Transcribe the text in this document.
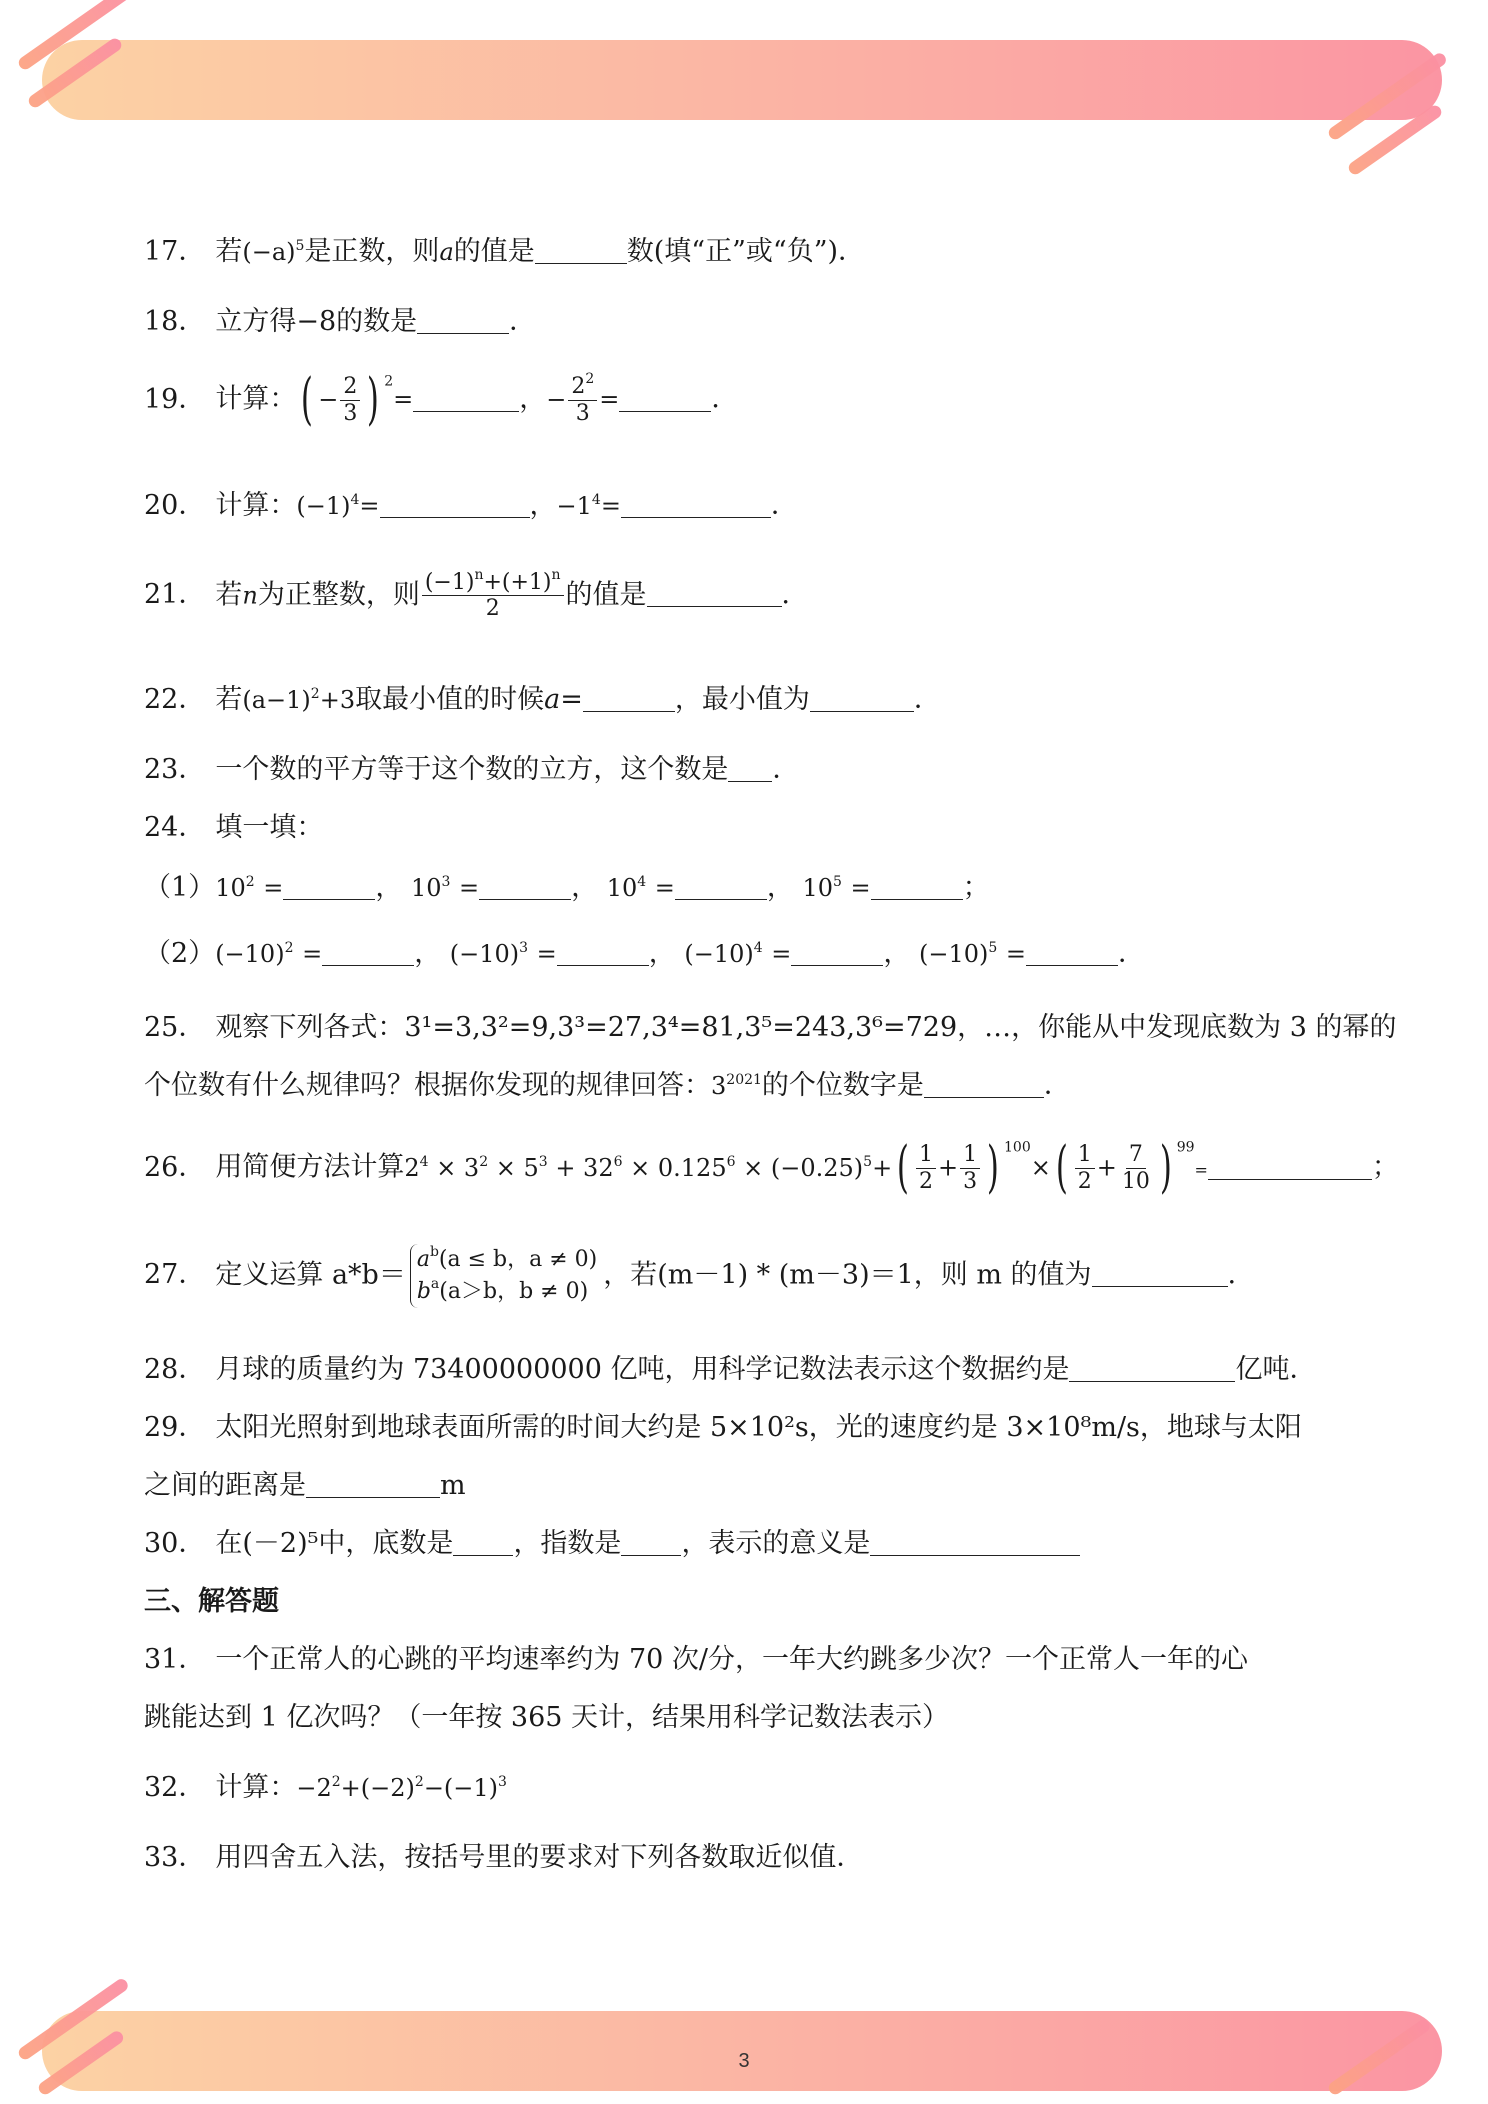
17． 若$(-a)^5$是正数，则a的值是	数(填“正”或“负”)．
18． 立方得−8的数是	．
19． 计算：( − $\frac{2}{3}$ ) $^2$=	，− $\frac{2^2}{3}$ =	．
20． 计算：$(-1)^4=$	，$-1^4=$	．
21． 若n为正整数，则 $\frac{(-1)^n+(+1)^n}{2}$ 的值是	．
22． 若$(a-1)^2+3$取最小值的时候a=	，最小值为	．
23． 一个数的平方等于这个数的立方，这个数是 ．
24． 填一填：
$(1)10^2$ =	， $10^3$ =	， $10^4$ =	， $10^5$ =	；
$(2)(-10)^2$ =	， $(-10)^3$ =	， $(-10)^4$ =	， $(-10)^5$ =	．
25． 观察下列各式：3¹=3,3²=9,3³=27,3⁴=81,3⁵=243,3⁶=729，…，你能从中发现底数为 3 的幂的
个位数有什么规律吗？根据你发现的规律回答：$3^{2021}$的个位数字是	．
26． 用简便方法计算$2^4 \times 3^2 \times 5^3 + 32^6 \times 0.125^6 \times (-0.25)^5+( \frac{1}{2} + \frac{1}{3}$ ) $^{100}\times( \frac{1}{2} + \frac{7}{10}$ ) $^{99}$=	；
27． 定义运算 $a*b= a^b(a \le b$，a ≠ 0)
$b^a(a>b$，b ≠ 0)，若(m－1) * (m－3)＝1，则 m 的值为	．
28． 月球的质量约为 73400000000 亿吨，用科学记数法表示这个数据约是	亿吨．
29． 太阳光照射到地球表面所需的时间大约是 5×10²s，光的速度约是 3×10⁸m/s，地球与太阳
之间的距离是	m
30． 在(－2)⁵中，底数是 ，指数是 ，表示的意义是
三、解答题
31． 一个正常人的心跳的平均速率约为 70 次/分，一年大约跳多少次？一个正常人一年的心
跳能达到 1 亿次吗？（一年按 365 天计，结果用科学记数法表示）
32． 计算：$-2^2+(-2)^2-(-1)^3$
33． 用四舍五入法，按括号里的要求对下列各数取近似值．
3
